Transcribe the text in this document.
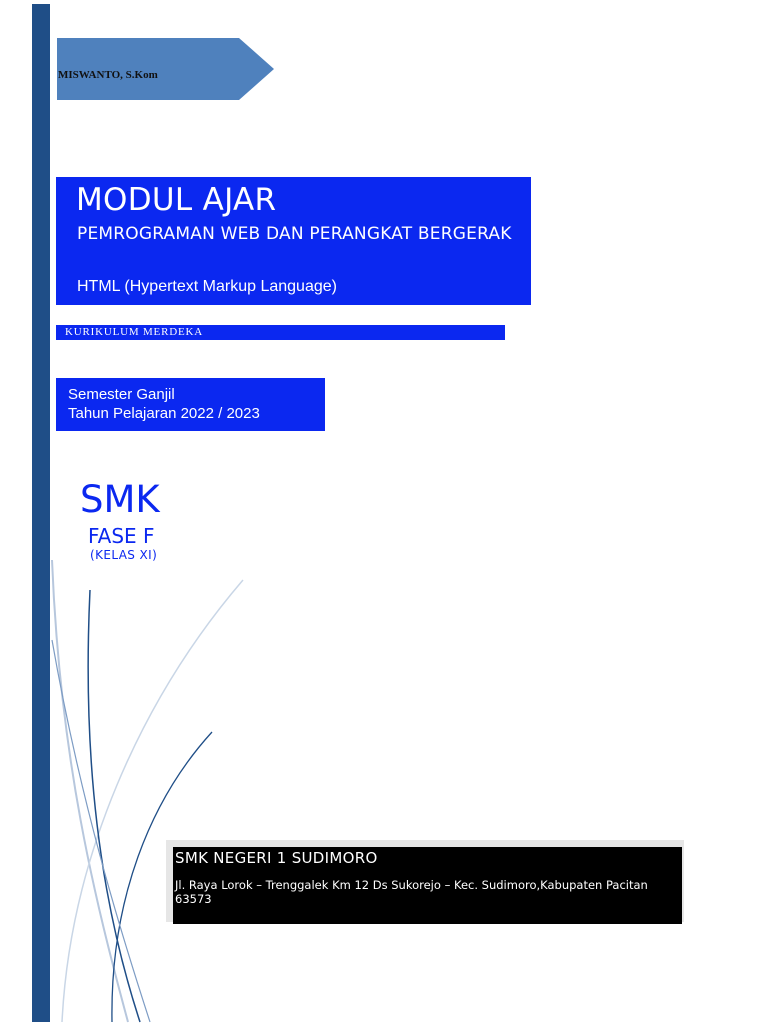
MISWANTO, S.Kom
MODUL AJAR
PEMROGRAMAN WEB DAN PERANGKAT BERGERAK
HTML (Hypertext Markup Language)
KURIKULUM MERDEKA
Semester Ganjil
Tahun Pelajaran 2022 / 2023
SMK
FASE F
(KELAS XI)
SMK NEGERI 1 SUDIMORO
Jl. Raya Lorok – Trenggalek Km 12 Ds Sukorejo – Kec. Sudimoro,Kabupaten Pacitan 63573
